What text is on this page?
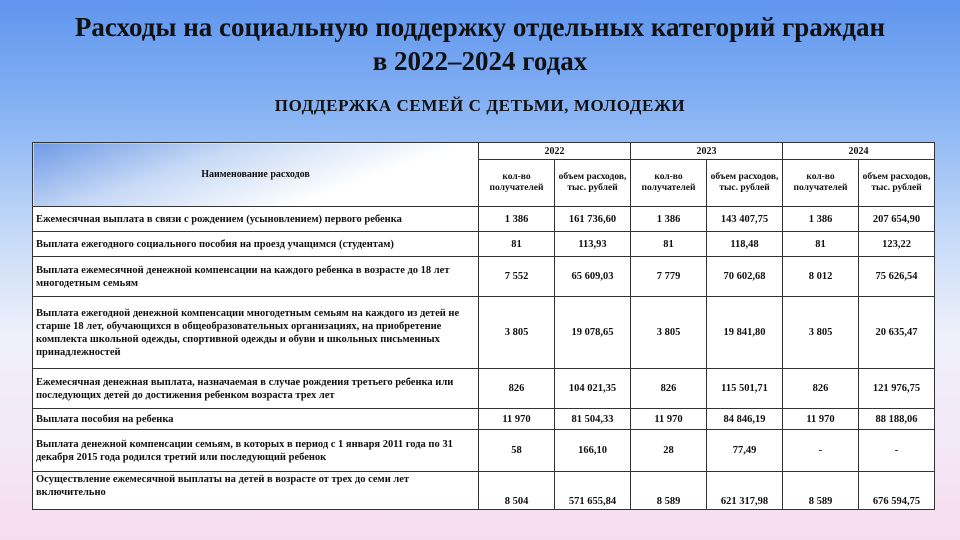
Расходы на социальную поддержку отдельных категорий граждан
в 2022–2024 годах
ПОДДЕРЖКА СЕМЕЙ С ДЕТЬМИ, МОЛОДЕЖИ
Наименование расходов	2022		2023		2024	
	кол-во получателей	объем расходов, тыс. рублей	кол-во получателей	объем расходов, тыс. рублей	кол-во получателей	объем расходов, тыс. рублей
Ежемесячная выплата в связи с рождением (усыновлением) первого ребенка	1 386	161 736,60	1 386	143 407,75	1 386	207 654,90
Выплата ежегодного социального пособия на проезд учащимся (студентам)	81	113,93	81	118,48	81	123,22
Выплата ежемесячной денежной компенсации на каждого ребенка в возрасте до 18 лет многодетным семьям	7 552	65 609,03	7 779	70 602,68	8 012	75 626,54
Выплата ежегодной денежной компенсации многодетным семьям на каждого из детей не старше 18 лет, обучающихся в общеобразовательных организациях, на приобретение комплекта школьной одежды, спортивной одежды и обуви и школьных письменных принадлежностей	3 805	19 078,65	3 805	19 841,80	3 805	20 635,47
Ежемесячная денежная выплата, назначаемая в случае рождения третьего ребенка или последующих детей до достижения ребенком возраста трех лет	826	104 021,35	826	115 501,71	826	121 976,75
Выплата пособия на ребенка	11 970	81 504,33	11 970	84 846,19	11 970	88 188,06
Выплата денежной компенсации семьям, в которых в период с 1 января 2011 года по 31 декабря 2015 года родился третий или последующий ребенок	58	166,10	28	77,49	-	-
Осуществление ежемесячной выплаты на детей в возрасте от трех до семи лет включительно	8 504	571 655,84	8 589	621 317,98	8 589	676 594,75
